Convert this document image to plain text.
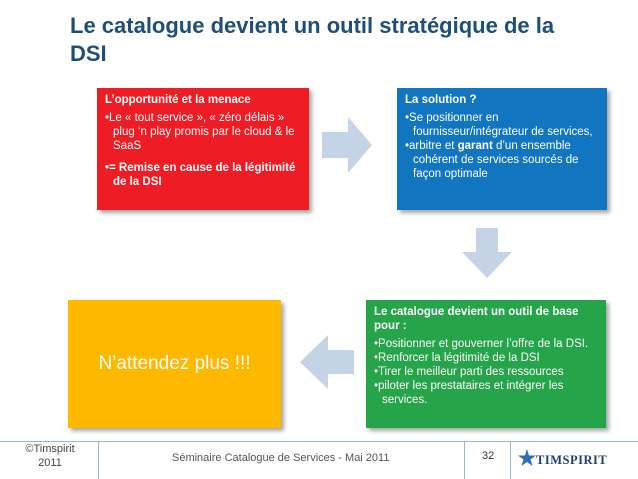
Le catalogue devient un outil stratégique de la DSI
L’opportunité et la menace

•Le « tout service », « zéro délais » plug ‘n play promis par le cloud & le SaaS

•= Remise en cause de la légitimité de la DSI

La solution ?

•Se positionner en fournisseur/intégrateur de services,

•arbitre et garant d’un ensemble cohérent de services sourcés de façon optimale

Le catalogue devient un outil de base pour :

•Positionner et gouverner l’offre de la DSI.

•Renforcer la légitimité de la DSI

•Tirer le meilleur parti des ressources

•piloter les prestataires et intégrer les services.

N’attendez plus !!!
©Timspirit 2011	Séminaire Catalogue de Services - Mai 2011	32	TIMSPIRIT
